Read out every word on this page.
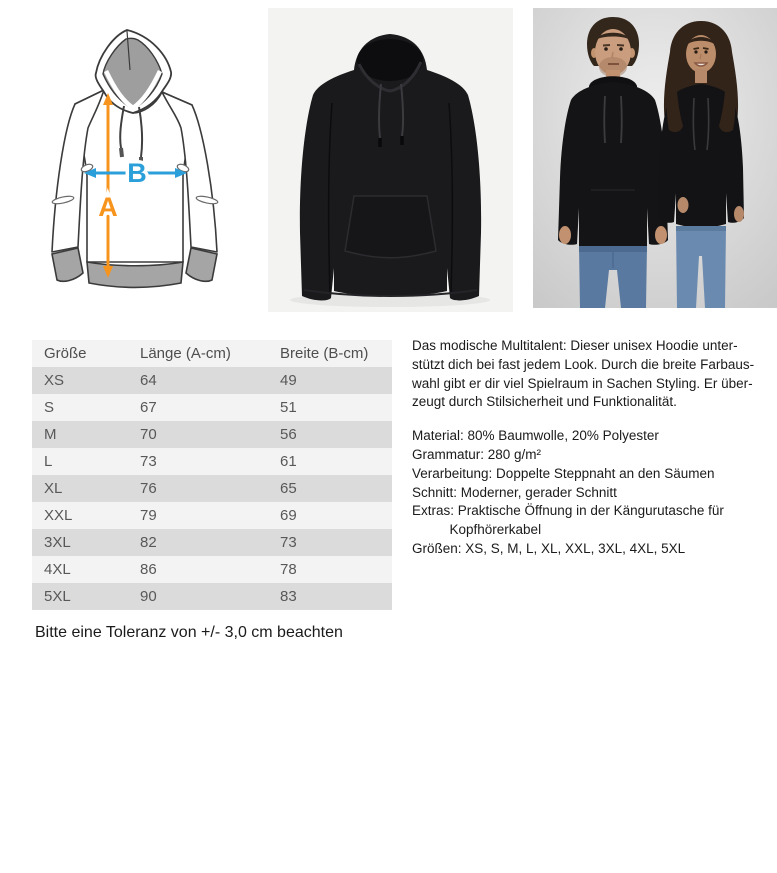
B
A
Größe	Länge (A-cm)	Breite (B-cm)
XS	64	49
S	67	51
M	70	56
L	73	61
XL	76	65
XXL	79	69
3XL	82	73
4XL	86	78
5XL	90	83
Bitte eine Toleranz von +/- 3,0 cm beachten
Das modische Multitalent: Dieser unisex Hoodie unter-
stützt dich bei fast jedem Look. Durch die breite Farbaus-
wahl gibt er dir viel Spielraum in Sachen Styling. Er über-
zeugt durch Stilsicherheit und Funktionalität.
Material: 80% Baumwolle, 20% Polyester
Grammatur: 280 g/m²
Verarbeitung: Doppelte Steppnaht an den Säumen
Schnitt: Moderner, gerader Schnitt
Extras: Praktische Öffnung in der Kängurutasche für
Kopfhörerkabel
Größen: XS, S, M, L, XL, XXL, 3XL, 4XL, 5XL
